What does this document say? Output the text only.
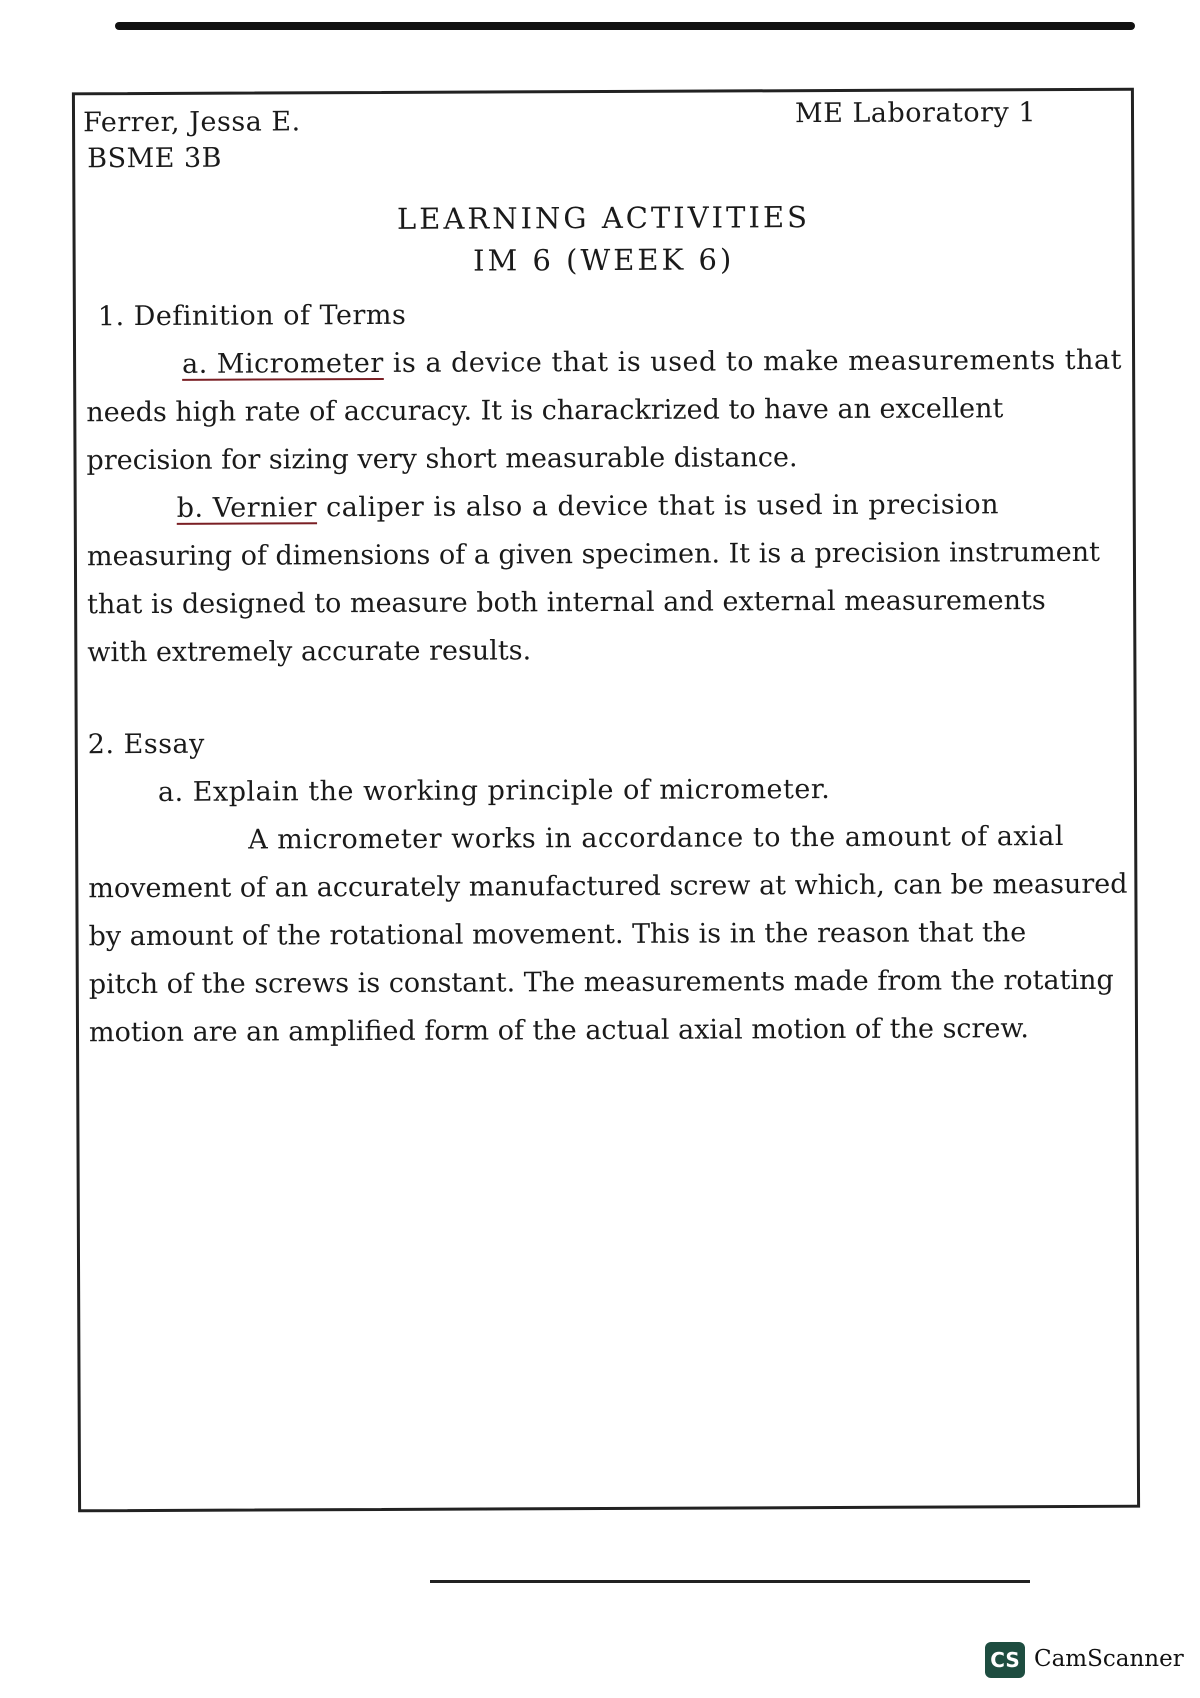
Ferrer, Jessa E.
BSME 3B
ME Laboratory 1
LEARNING ACTIVITIES
IM 6 (WEEK 6)
1. Definition of Terms
a. Micrometer is a device that is used to make measurements that
needs high rate of accuracy. It is charackrized to have an excellent
precision for sizing very short measurable distance.
b. Vernier caliper is also a device that is used in precision
measuring of dimensions of a given specimen. It is a precision instrument
that is designed to measure both internal and external measurements
with extremely accurate results.
2. Essay
a. Explain the working principle of micrometer.
A micrometer works in accordance to the amount of axial
movement of an accurately manufactured screw at which, can be measured
by amount of the rotational movement. This is in the reason that the
pitch of the screws is constant. The measurements made from the rotating
motion are an amplified form of the actual axial motion of the screw.
CS CamScanner
